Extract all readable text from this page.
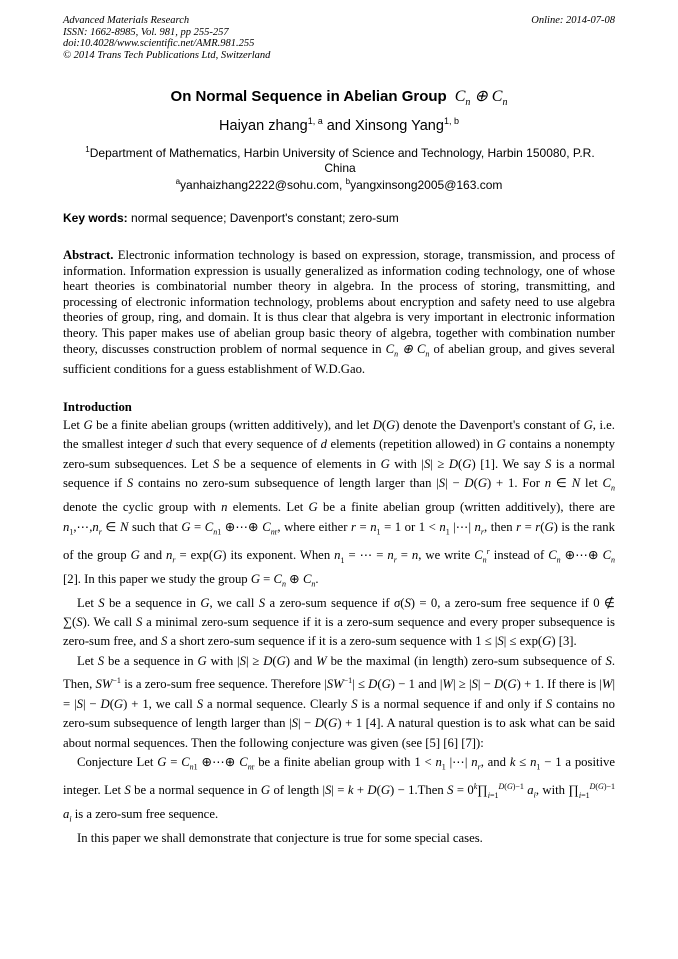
Advanced Materials Research
ISSN: 1662-8985, Vol. 981, pp 255-257
doi:10.4028/www.scientific.net/AMR.981.255
© 2014 Trans Tech Publications Ltd, Switzerland
Online: 2014-07-08
On Normal Sequence in Abelian Group $C_n$ ⊕ $C_n$
Haiyan zhang$^{1, a}$ and Xinsong Yang$^{1, b}$
$^1$Department of Mathematics, Harbin University of Science and Technology, Harbin 150080, P.R. China
$^a$yanhaizhang2222@sohu.com, $^b$yangxinsong2005@163.com
Key words: normal sequence; Davenport's constant; zero-sum
Abstract. Electronic information technology is based on expression, storage, transmission, and process of information. Information expression is usually generalized as information coding technology, one of whose heart theories is combinatorial number theory in algebra. In the process of storing, transmitting, and processing of electronic information technology, problems about encryption and safety need to use algebra theories of group, ring, and domain. It is thus clear that algebra is very important in electronic information theory. This paper makes use of abelian group basic theory of algebra, together with combination number theory, discusses construction problem of normal sequence in $C_n$ ⊕ $C_n$ of abelian group, and gives several sufficient conditions for a guess establishment of W.D.Gao.
Introduction

Let G be a finite abelian groups (written additively), and let D(G) denote the Davenport's constant of G, i.e. the smallest integer d such that every sequence of d elements (repetition allowed) in G contains a nonempty zero-sum subsequences. Let S be a sequence of elements in G with |S| ≥ D(G) [1]. We say S is a normal sequence if S contains no zero-sum subsequence of length larger than |S| − D(G) + 1. For n ∈ N let $C_n$ denote the cyclic group with n elements. Let G be a finite abelian group (written additively), there are $n_1,\cdots,n_r$ ∈ N such that $G = C_{n1}$ ⊕⋯⊕ $C_{nr}$, where either $r = n_1 = 1$ or $1 < n_1$ |⋯| $n_r$, then r = r(G) is the rank of the group G and $n_r = \exp(G)$ its exponent. When $n_1$ = ⋯ = $n_r = n$, we write $C_n^r$ instead of $C_n$ ⊕⋯⊕ $C_n$ [2]. In this paper we study the group $G = C_n$ ⊕ $C_n$.

Let S be a sequence in G, we call S a zero-sum sequence if σ(S) = 0, a zero-sum free sequence if 0 ∉ ∑(S). We call S a minimal zero-sum sequence if it is a zero-sum sequence and every proper subsequence is zero-sum free, and S a short zero-sum sequence if it is a zero-sum sequence with 1 ≤ |S| ≤ exp(G) [3].

Let S be a sequence in G with |S| ≥ D(G) and W be the maximal (in length) zero-sum subsequence of S. Then, $SW^{-1}$ is a zero-sum free sequence. Therefore $|SW^{-1}| \le D(G) - 1$ and |W| ≥ |S| − D(G) + 1. If there is |W| = |S| − D(G) + 1, we call S a normal sequence. Clearly S is a normal sequence if and only if S contains no zero-sum subsequence of length larger than |S| − D(G) + 1 [4]. A natural question is to ask what can be said about normal sequences. Then the following conjecture was given (see [5] [6] [7]):

Conjecture Let $G = C_{n1}$ ⊕⋯⊕ $C_{nr}$ be a finite abelian group with $1 < n_1$ |⋯| $n_r$, and $k \le n_1 - 1$ a positive integer. Let S be a normal sequence in G of length |S| = k + D(G) − 1.Then $S = 0^k\prod_{i=1}^{D(G)-1}$ $a_i$, with $\prod_{i=1}^{D(G)-1}$ $a_i$ is a zero-sum free sequence.

In this paper we shall demonstrate that conjecture is true for some special cases.
